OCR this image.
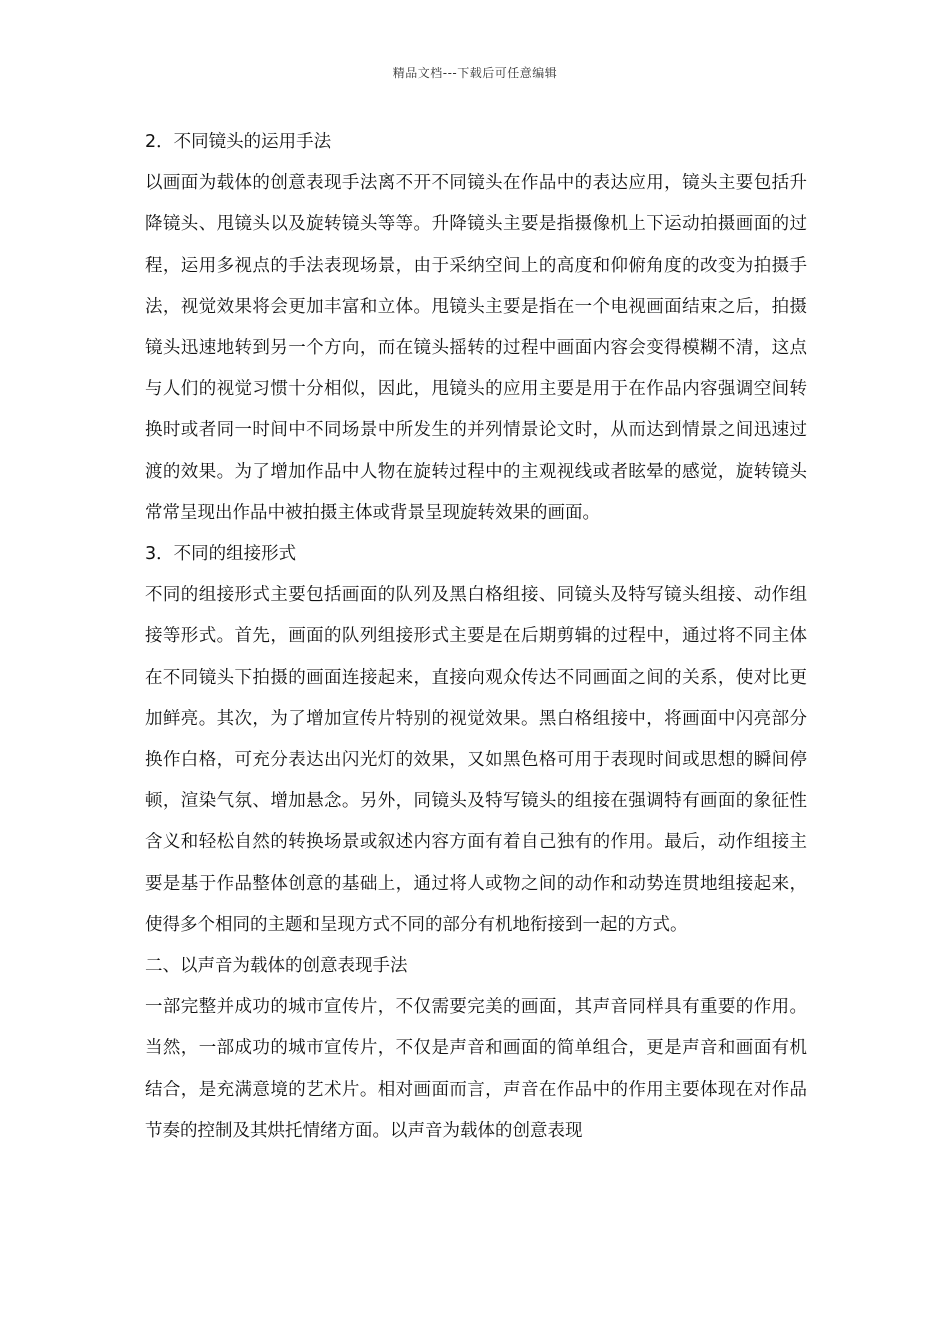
精品文档---下载后可任意编辑
2．不同镜头的运用手法
以画面为载体的创意表现手法离不开不同镜头在作品中的表达应用，镜头主要包括升降镜头、甩镜头以及旋转镜头等等。升降镜头主要是指摄像机上下运动拍摄画面的过程，运用多视点的手法表现场景，由于采纳空间上的高度和仰俯角度的改变为拍摄手法，视觉效果将会更加丰富和立体。甩镜头主要是指在一个电视画面结束之后，拍摄镜头迅速地转到另一个方向，而在镜头摇转的过程中画面内容会变得模糊不清，这点与人们的视觉习惯十分相似，因此，甩镜头的应用主要是用于在作品内容强调空间转换时或者同一时间中不同场景中所发生的并列情景论文时，从而达到情景之间迅速过渡的效果。为了增加作品中人物在旋转过程中的主观视线或者眩晕的感觉，旋转镜头常常呈现出作品中被拍摄主体或背景呈现旋转效果的画面。
3．不同的组接形式
不同的组接形式主要包括画面的队列及黑白格组接、同镜头及特写镜头组接、动作组接等形式。首先，画面的队列组接形式主要是在后期剪辑的过程中，通过将不同主体在不同镜头下拍摄的画面连接起来，直接向观众传达不同画面之间的关系，使对比更加鲜亮。其次，为了增加宣传片特别的视觉效果。黑白格组接中，将画面中闪亮部分换作白格，可充分表达出闪光灯的效果，又如黑色格可用于表现时间或思想的瞬间停顿，渲染气氛、增加悬念。另外，同镜头及特写镜头的组接在强调特有画面的象征性含义和轻松自然的转换场景或叙述内容方面有着自己独有的作用。最后，动作组接主要是基于作品整体创意的基础上，通过将人或物之间的动作和动势连贯地组接起来，使得多个相同的主题和呈现方式不同的部分有机地衔接到一起的方式。
二、以声音为载体的创意表现手法
一部完整并成功的城市宣传片，不仅需要完美的画面，其声音同样具有重要的作用。当然，一部成功的城市宣传片，不仅是声音和画面的简单组合，更是声音和画面有机结合，是充满意境的艺术片。相对画面而言，声音在作品中的作用主要体现在对作品节奏的控制及其烘托情绪方面。以声音为载体的创意表现
